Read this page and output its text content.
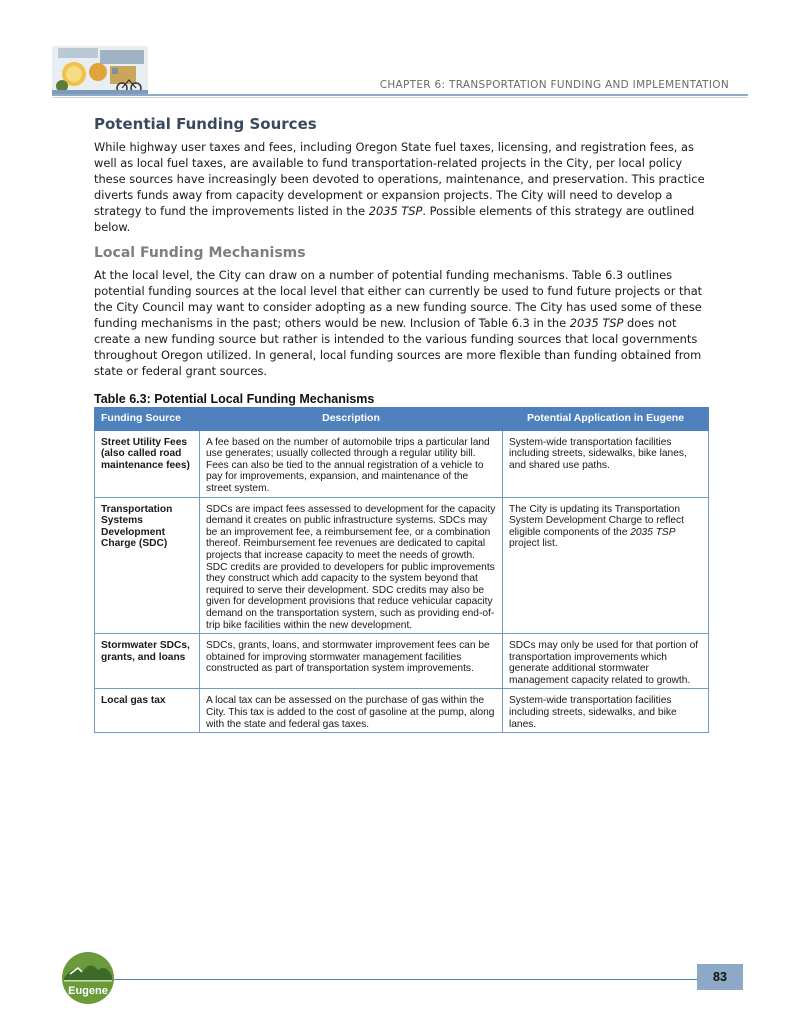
CHAPTER 6: TRANSPORTATION FUNDING AND IMPLEMENTATION
Potential Funding Sources

While highway user taxes and fees, including Oregon State fuel taxes, licensing, and registration fees, as well as local fuel taxes, are available to fund transportation-related projects in the City, per local policy these sources have increasingly been devoted to operations, maintenance, and preservation. This practice diverts funds away from capacity development or expansion projects. The City will need to develop a strategy to fund the improvements listed in the 2035 TSP. Possible elements of this strategy are outlined below.

Local Funding Mechanisms

At the local level, the City can draw on a number of potential funding mechanisms. Table 6.3 outlines potential funding sources at the local level that either can currently be used to fund future projects or that the City Council may want to consider adopting as a new funding source. The City has used some of these funding mechanisms in the past; others would be new. Inclusion of Table 6.3 in the 2035 TSP does not create a new funding source but rather is intended to the various funding sources that local governments throughout Oregon utilized. In general, local funding sources are more flexible than funding obtained from state or federal grant sources.

Table 6.3: Potential Local Funding Mechanisms
Funding Source	Description	Potential Application in Eugene
Street Utility Fees (also called road maintenance fees)	A fee based on the number of automobile trips a particular land use generates; usually collected through a regular utility bill. Fees can also be tied to the annual registration of a vehicle to pay for improvements, expansion, and maintenance of the street system.	System-wide transportation facilities including streets, sidewalks, bike lanes, and shared use paths.
Transportation Systems Development Charge (SDC)	SDCs are impact fees assessed to development for the capacity demand it creates on public infrastructure systems. SDCs may be an improvement fee, a reimbursement fee, or a combination thereof. Reimbursement fee revenues are dedicated to capital projects that increase capacity to meet the needs of growth. SDC credits are provided to developers for public improvements they construct which add capacity to the system beyond that required to serve their development. SDC credits may also be given for development provisions that reduce vehicular capacity demand on the transportation system, such as providing end-of-trip bike facilities within the new development.	The City is updating its Transportation System Development Charge to reflect eligible components of the 2035 TSP project list.
Stormwater SDCs, grants, and loans	SDCs, grants, loans, and stormwater improvement fees can be obtained for improving stormwater management facilities constructed as part of transportation system improvements.	SDCs may only be used for that portion of transportation improvements which generate additional stormwater management capacity related to growth.
Local gas tax	A local tax can be assessed on the purchase of gas within the City. This tax is added to the cost of gasoline at the pump, along with the state and federal gas taxes.	System-wide transportation facilities including streets, sidewalks, and bike lanes.
Eugene
83
